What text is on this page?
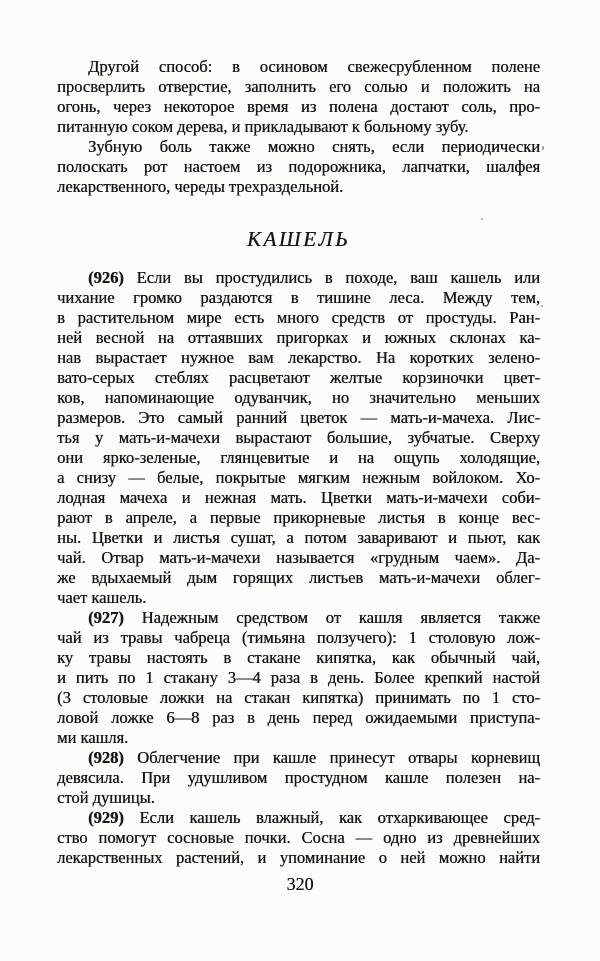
Другой способ: в осиновом свежесрубленном полене
просверлить отверстие, заполнить его солью и положить на
огонь, через некоторое время из полена достают соль, про-
питанную соком дерева, и прикладывают к больному зубу.

Зубную боль также можно снять, если периодически
полоскать рот настоем из подорожника, лапчатки, шалфея
лекарственного, череды трехраздельной.

КАШЕЛЬ

(926) Если вы простудились в походе, ваш кашель или
чихание громко раздаются в тишине леса. Между тем,
в растительном мире есть много средств от простуды. Ран-
ней весной на оттаявших пригорках и южных склонах ка-
нав вырастает нужное вам лекарство. На коротких зелено-
вато-серых стеблях расцветают желтые корзиночки цвет-
ков, напоминающие одуванчик, но значительно меньших
размеров. Это самый ранний цветок — мать-и-мачеха. Лис-
тья у мать-и-мачехи вырастают большие, зубчатые. Сверху
они ярко-зеленые, глянцевитые и на ощупь холодящие,
а снизу — белые, покрытые мягким нежным войлоком. Хо-
лодная мачеха и нежная мать. Цветки мать-и-мачехи соби-
рают в апреле, а первые прикорневые листья в конце вес-
ны. Цветки и листья сушат, а потом заваривают и пьют, как
чай. Отвар мать-и-мачехи называется «грудным чаем». Да-
же вдыхаемый дым горящих листьев мать-и-мачехи облег-
чает кашель.

(927) Надежным средством от кашля является также
чай из травы чабреца (тимьяна ползучего): 1 столовую лож-
ку травы настоять в стакане кипятка, как обычный чай,
и пить по 1 стакану 3—4 раза в день. Более крепкий настой
(3 столовые ложки на стакан кипятка) принимать по 1 сто-
ловой ложке 6—8 раз в день перед ожидаемыми приступа-
ми кашля.

(928) Облегчение при кашле принесут отвары корневищ
девясила. При удушливом простудном кашле полезен на-
стой душицы.

(929) Если кашель влажный, как отхаркивающее сред-
ство помогут сосновые почки. Сосна — одно из древнейших
лекарственных растений, и упоминание о ней можно найти

320
